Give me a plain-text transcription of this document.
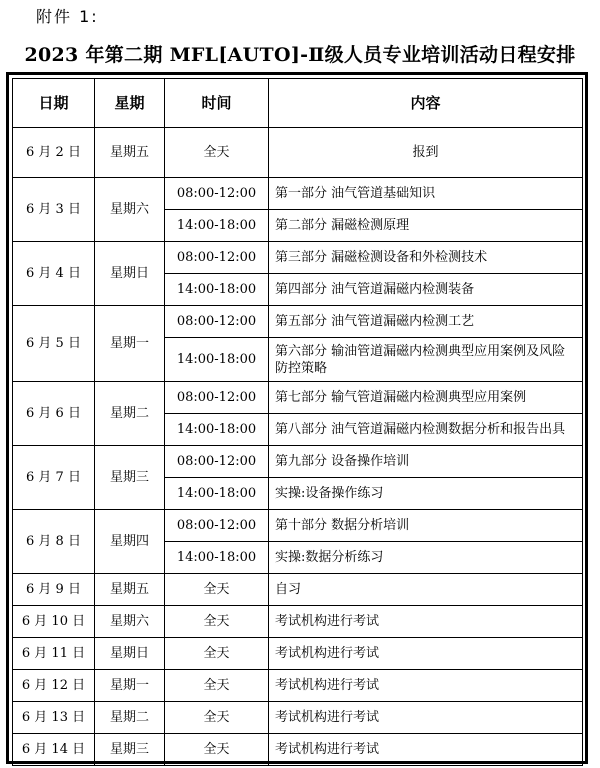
附件 1:
2023 年第二期 MFL[AUTO]-Ⅱ级人员专业培训活动日程安排
日期	星期	时间	内容
6 月 2 日	星期五	全天	报到
6 月 3 日	星期六	08:00-12:00	第一部分 油气管道基础知识
		14:00-18:00	第二部分 漏磁检测原理
6 月 4 日	星期日	08:00-12:00	第三部分 漏磁检测设备和外检测技术
		14:00-18:00	第四部分 油气管道漏磁内检测装备
6 月 5 日	星期一	08:00-12:00	第五部分 油气管道漏磁内检测工艺
		14:00-18:00	第六部分 输油管道漏磁内检测典型应用案例及风险防控策略
6 月 6 日	星期二	08:00-12:00	第七部分 输气管道漏磁内检测典型应用案例
		14:00-18:00	第八部分 油气管道漏磁内检测数据分析和报告出具
6 月 7 日	星期三	08:00-12:00	第九部分 设备操作培训
		14:00-18:00	实操:设备操作练习
6 月 8 日	星期四	08:00-12:00	第十部分 数据分析培训
		14:00-18:00	实操:数据分析练习
6 月 9 日	星期五	全天	自习
6 月 10 日	星期六	全天	考试机构进行考试
6 月 11 日	星期日	全天	考试机构进行考试
6 月 12 日	星期一	全天	考试机构进行考试
6 月 13 日	星期二	全天	考试机构进行考试
6 月 14 日	星期三	全天	考试机构进行考试
